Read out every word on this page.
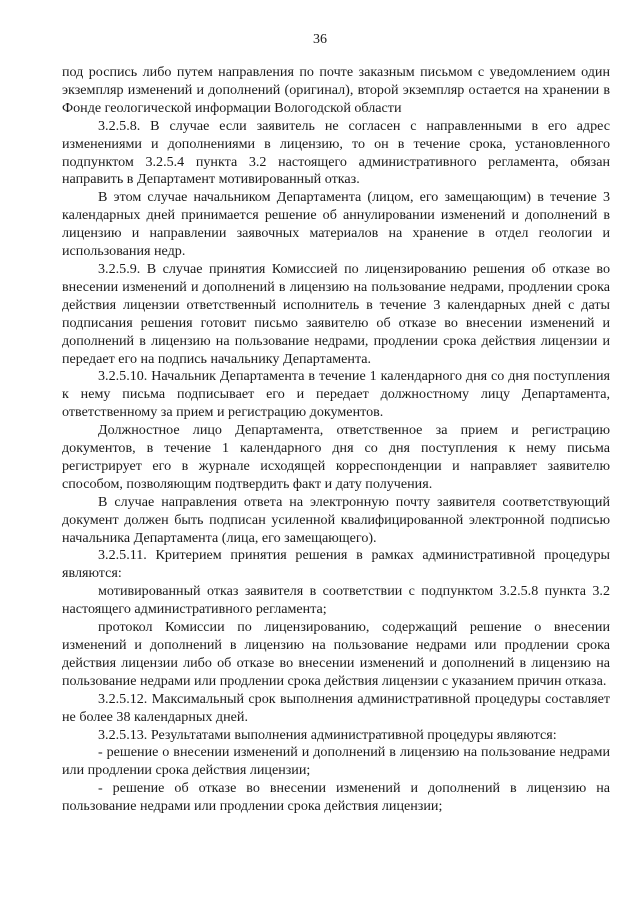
36

под роспись либо путем направления по почте заказным письмом с уведомлением один экземпляр изменений и дополнений (оригинал), второй экземпляр остается на хранении в Фонде геологической информации Вологодской области

3.2.5.8. В случае если заявитель не согласен с направленными в его адрес изменениями и дополнениями в лицензию, то он в течение срока, установленного подпунктом 3.2.5.4 пункта 3.2 настоящего административного регламента, обязан направить в Департамент мотивированный отказ.

В этом случае начальником Департамента (лицом, его замещающим) в течение 3 календарных дней принимается решение об аннулировании изменений и дополнений в лицензию и направлении заявочных материалов на хранение в отдел геологии и использования недр.

3.2.5.9. В случае принятия Комиссией по лицензированию решения об отказе во внесении изменений и дополнений в лицензию на пользование недрами, продлении срока действия лицензии ответственный исполнитель в течение 3 календарных дней с даты подписания решения готовит письмо заявителю об отказе во внесении изменений и дополнений в лицензию на пользование недрами, продлении срока действия лицензии и передает его на подпись начальнику Департамента.

3.2.5.10. Начальник Департамента в течение 1 календарного дня со дня поступления к нему письма подписывает его и передает должностному лицу Департамента, ответственному за прием и регистрацию документов.

Должностное лицо Департамента, ответственное за прием и регистрацию документов, в течение 1 календарного дня со дня поступления к нему письма регистрирует его в журнале исходящей корреспонденции и направляет заявителю способом, позволяющим подтвердить факт и дату получения.

В случае направления ответа на электронную почту заявителя соответствующий документ должен быть подписан усиленной квалифицированной электронной подписью начальника Департамента (лица, его замещающего).

3.2.5.11. Критерием принятия решения в рамках административной процедуры являются:

мотивированный отказ заявителя в соответствии с подпунктом 3.2.5.8 пункта 3.2 настоящего административного регламента;

протокол Комиссии по лицензированию, содержащий решение о внесении изменений и дополнений в лицензию на пользование недрами или продлении срока действия лицензии либо об отказе во внесении изменений и дополнений в лицензию на пользование недрами или продлении срока действия лицензии с указанием причин отказа.

3.2.5.12. Максимальный срок выполнения административной процедуры составляет не более 38 календарных дней.

3.2.5.13. Результатами выполнения административной процедуры являются:

- решение о внесении изменений и дополнений в лицензию на пользование недрами или продлении срока действия лицензии;

- решение об отказе во внесении изменений и дополнений в лицензию на пользование недрами или продлении срока действия лицензии;
